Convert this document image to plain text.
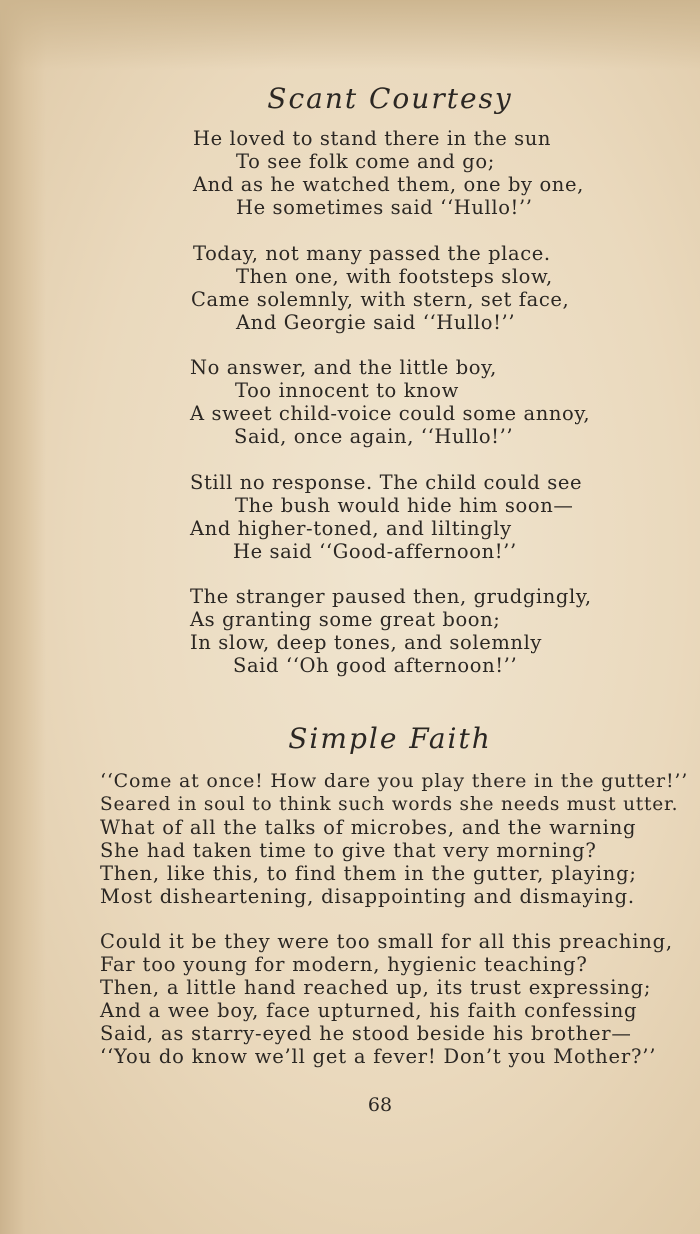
Scant Courtesy
He loved to stand there in the sun
To see folk come and go;
And as he watched them, one by one,
He sometimes said ‘‘Hullo!’’
Today, not many passed the place.
Then one, with footsteps slow,
Came solemnly, with stern, set face,
And Georgie said ‘‘Hullo!’’
No answer, and the little boy,
Too innocent to know
A sweet child-voice could some annoy,
Said, once again, ‘‘Hullo!’’
Still no response. The child could see
The bush would hide him soon—
And higher-toned, and liltingly
He said ‘‘Good-affernoon!’’
The stranger paused then, grudgingly,
As granting some great boon;
In slow, deep tones, and solemnly
Said ‘‘Oh good afternoon!’’
Simple Faith
‘‘Come at once! How dare you play there in the gutter!’’
Seared in soul to think such words she needs must utter.
What of all the talks of microbes, and the warning
She had taken time to give that very morning?
Then, like this, to find them in the gutter, playing;
Most disheartening, disappointing and dismaying.
Could it be they were too small for all this preaching,
Far too young for modern, hygienic teaching?
Then, a little hand reached up, its trust expressing;
And a wee boy, face upturned, his faith confessing
Said, as starry-eyed he stood beside his brother—
‘‘You do know we’ll get a fever! Don’t you Mother?’’
68
